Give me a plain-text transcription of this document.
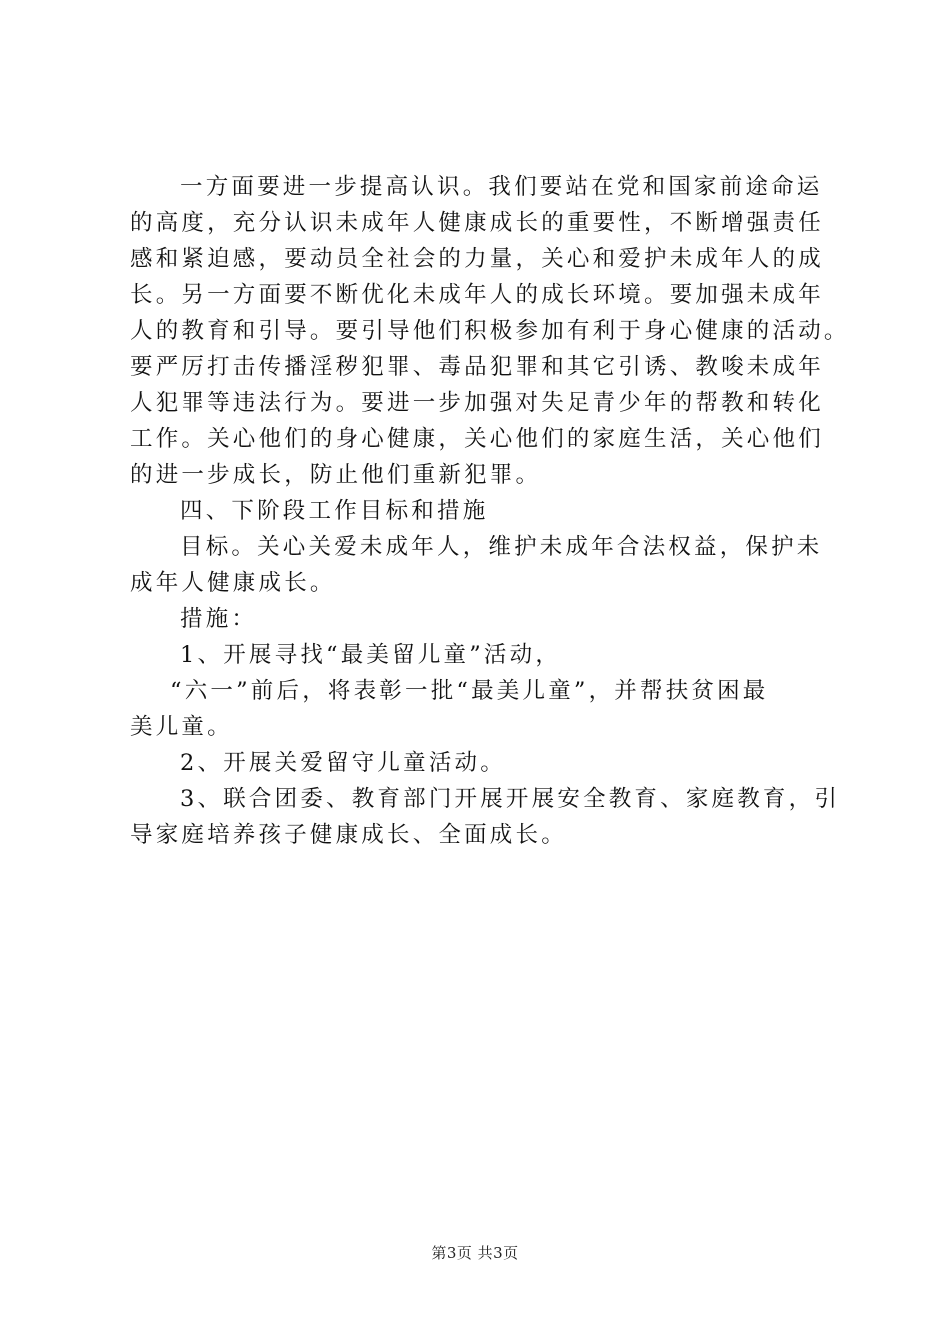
一方面要进一步提高认识。我们要站在党和国家前途命运
的高度，充分认识未成年人健康成长的重要性，不断增强责任
感和紧迫感，要动员全社会的力量，关心和爱护未成年人的成
长。另一方面要不断优化未成年人的成长环境。要加强未成年
人的教育和引导。要引导他们积极参加有利于身心健康的活动。
要严厉打击传播淫秽犯罪、毒品犯罪和其它引诱、教唆未成年
人犯罪等违法行为。要进一步加强对失足青少年的帮教和转化
工作。关心他们的身心健康，关心他们的家庭生活，关心他们
的进一步成长，防止他们重新犯罪。
四、下阶段工作目标和措施
目标。关心关爱未成年人，维护未成年合法权益，保护未
成年人健康成长。
措施：
1、开展寻找“最美留儿童”活动，
“六一”前后，将表彰一批“最美儿童”，并帮扶贫困最
美儿童。
2、开展关爱留守儿童活动。
3、联合团委、教育部门开展开展安全教育、家庭教育，引
导家庭培养孩子健康成长、全面成长。
第3页 共3页
